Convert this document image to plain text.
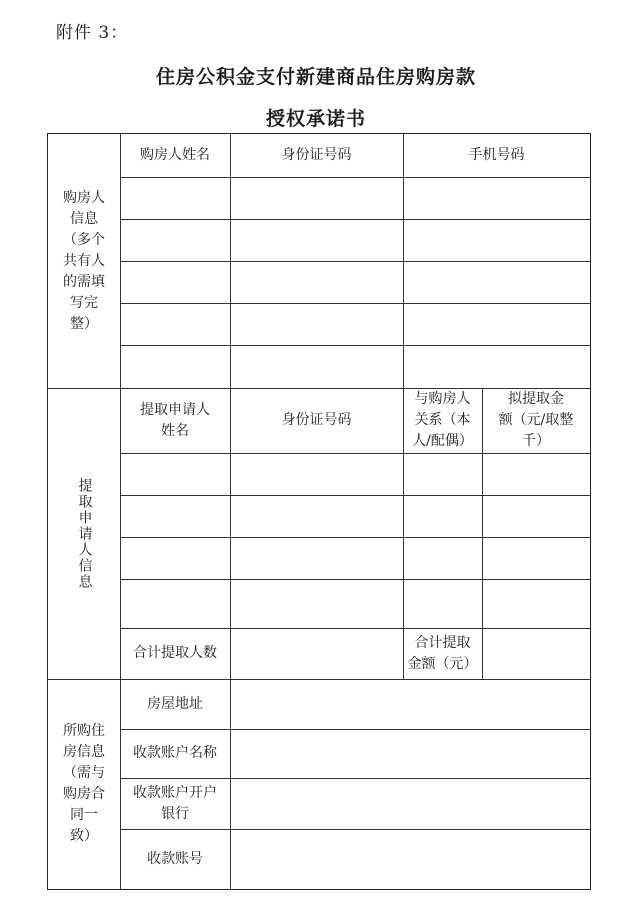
附件 3：
住房公积金支付新建商品住房购房款
授权承诺书
购房人
信息
（多个
共有人
的需填
写完
整）
购房人姓名	身份证号码	手机号码
提取申请人信息
提取申请人
姓名
身份证号码
与购房人
关系（本
人/配偶）
拟提取金
额（元/取整
千）
合计提取人数
合计提取
金额（元）
所购住
房信息
（需与
购房合
同一
致）
房屋地址
收款账户名称
收款账户开户
银行
收款账号
